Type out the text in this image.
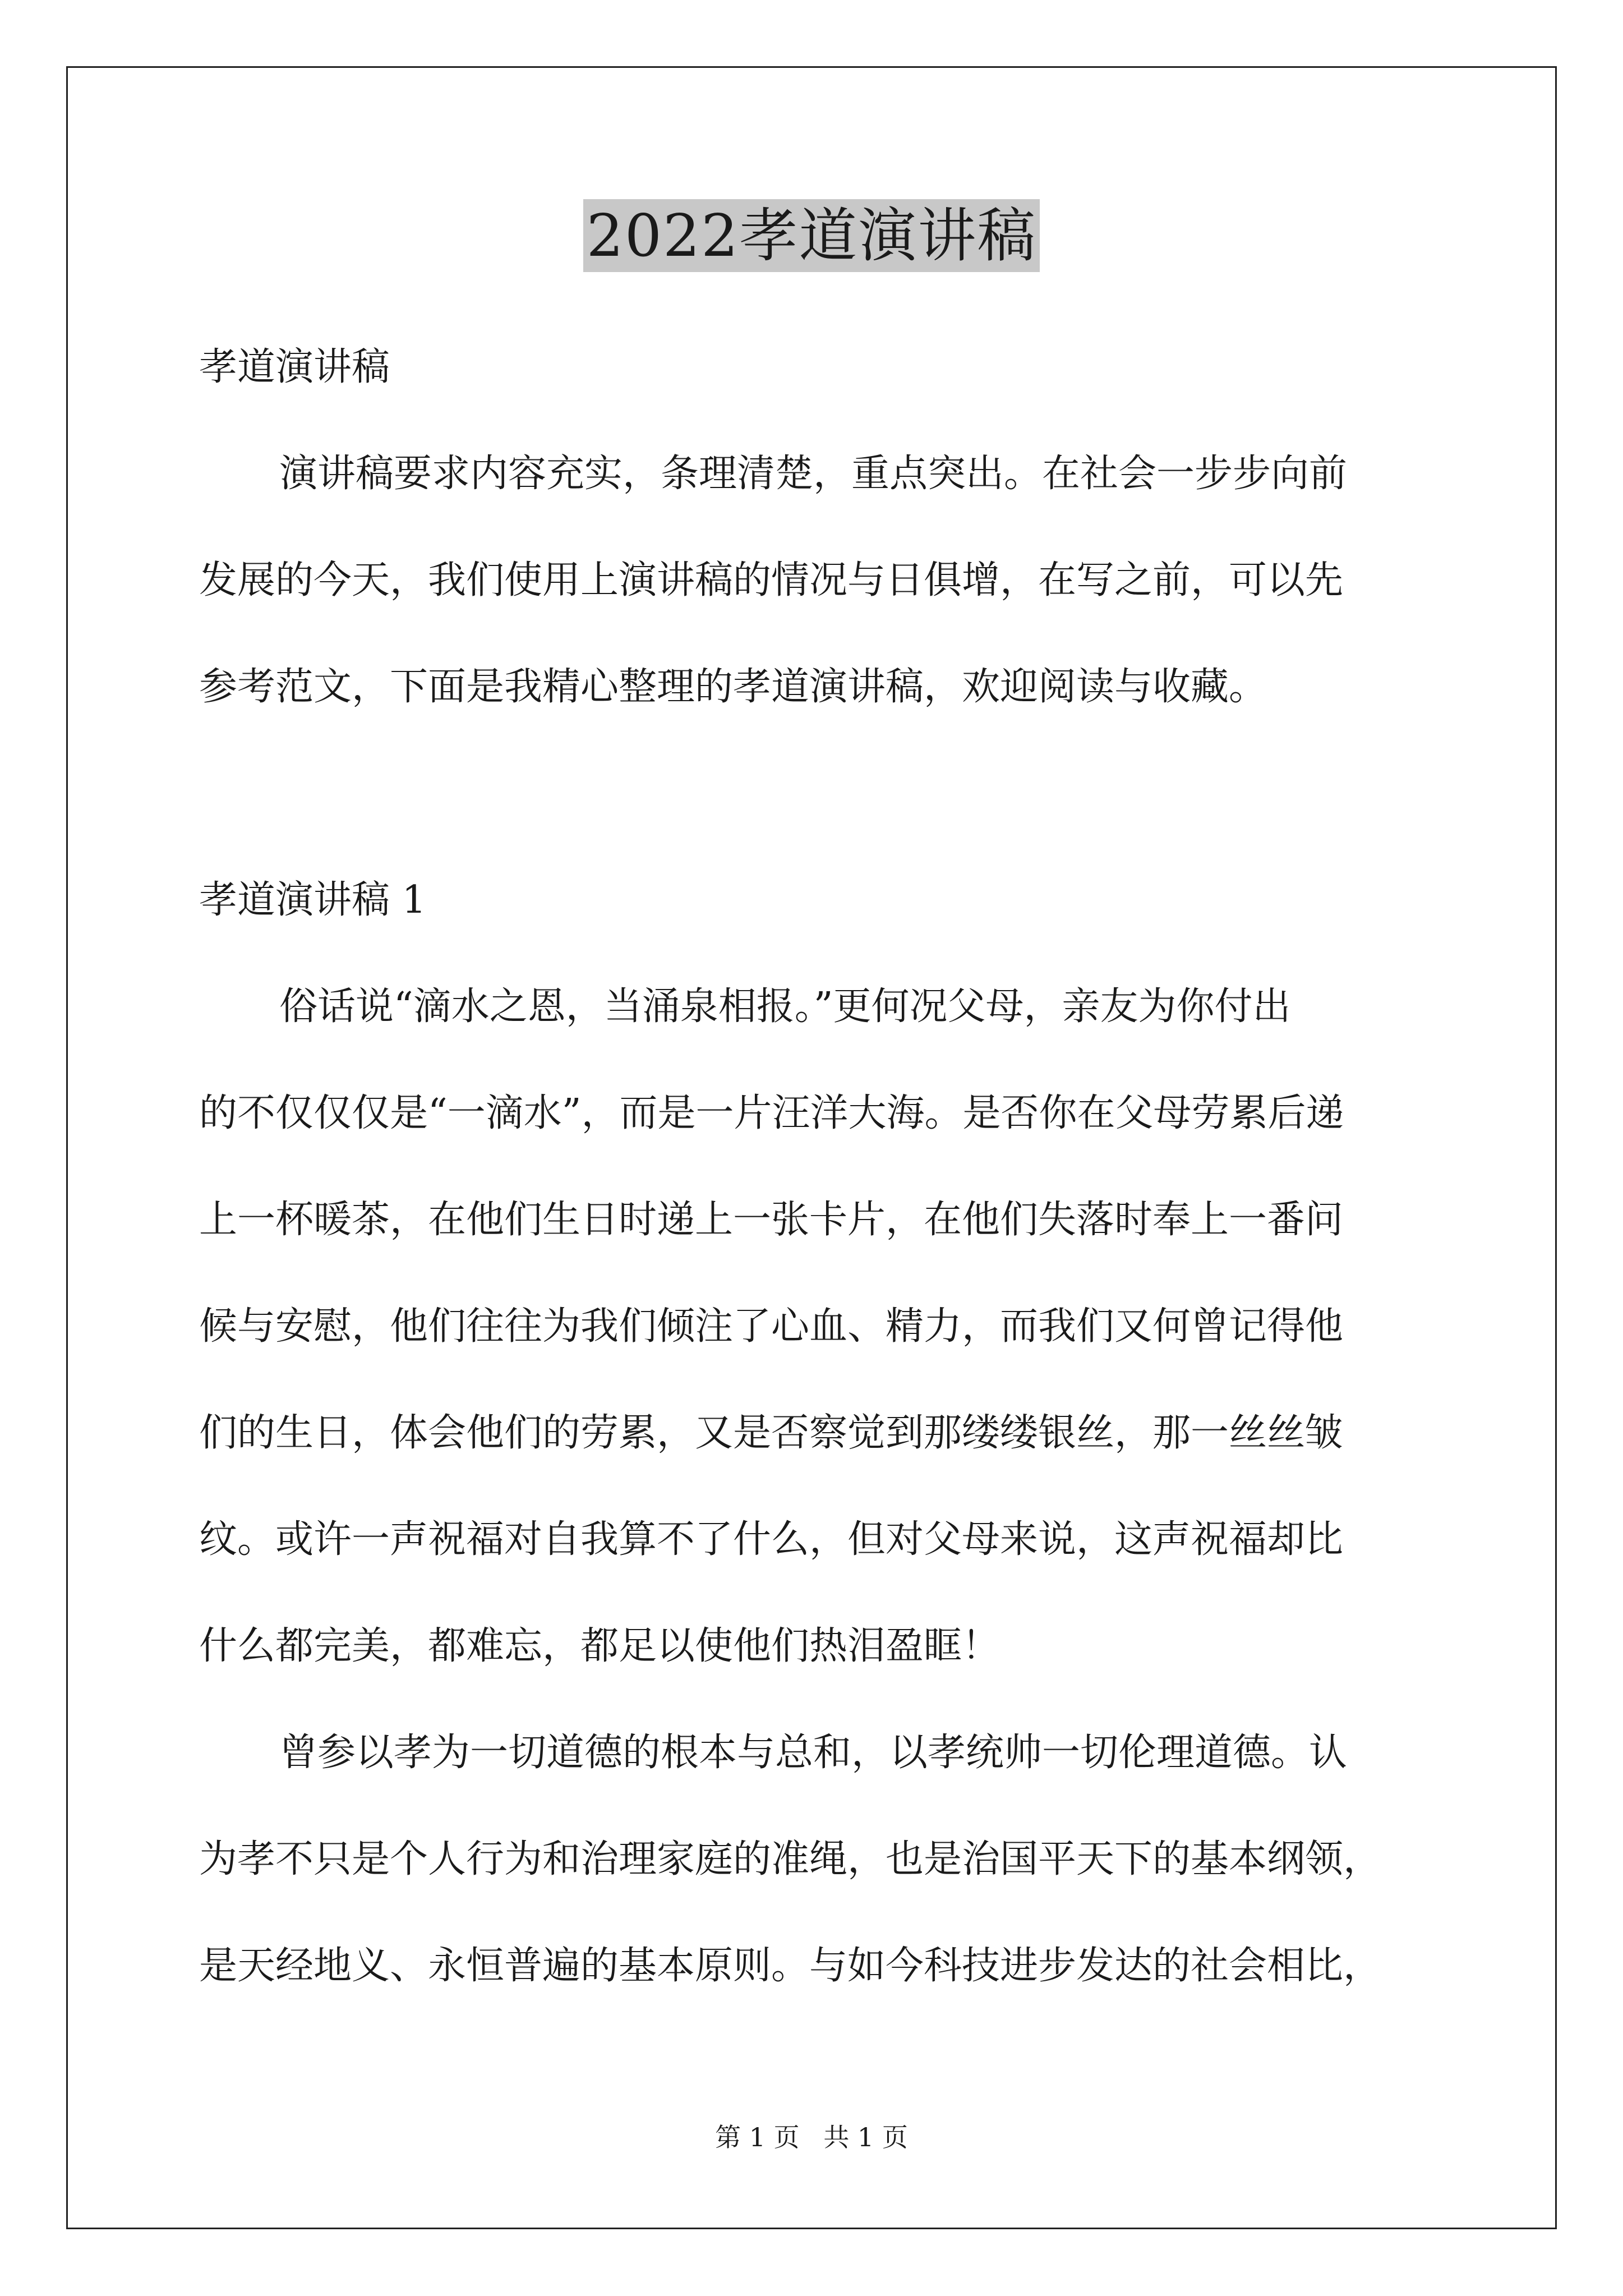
2022孝道演讲稿

孝道演讲稿

演讲稿要求内容充实，条理清楚，重点突出。在社会一步步向前

发展的今天，我们使用上演讲稿的情况与日俱增，在写之前，可以先

参考范文，下面是我精心整理的孝道演讲稿，欢迎阅读与收藏。

孝道演讲稿 1

俗话说“滴水之恩，当涌泉相报。”更何况父母，亲友为你付出

的不仅仅仅是“一滴水”，而是一片汪洋大海。是否你在父母劳累后递

上一杯暖茶，在他们生日时递上一张卡片，在他们失落时奉上一番问

候与安慰，他们往往为我们倾注了心血、精力，而我们又何曾记得他

们的生日，体会他们的劳累，又是否察觉到那缕缕银丝，那一丝丝皱

纹。或许一声祝福对自我算不了什么，但对父母来说，这声祝福却比

什么都完美，都难忘，都足以使他们热泪盈眶！

曾参以孝为一切道德的根本与总和，以孝统帅一切伦理道德。认

为孝不只是个人行为和治理家庭的准绳，也是治国平天下的基本纲领，

是天经地义、永恒普遍的基本原则。与如今科技进步发达的社会相比，

第 1 页 共 1 页
